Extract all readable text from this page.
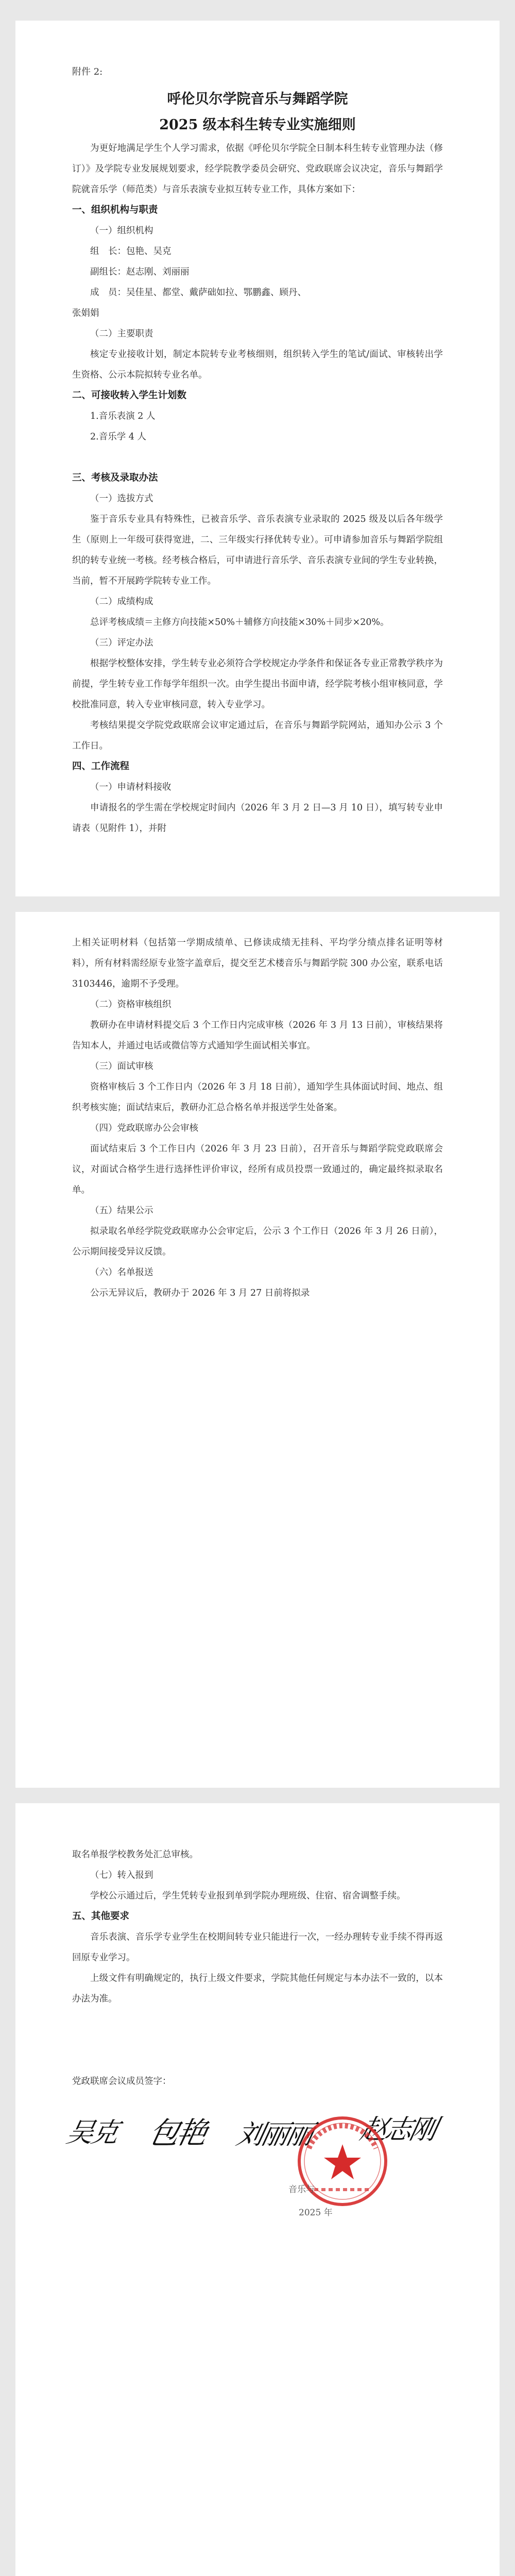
附件 2:
呼伦贝尔学院音乐与舞蹈学院
2025 级本科生转专业实施细则
为更好地满足学生个人学习需求，依据《呼伦贝尔学院全日制本科生转专业管理办法（修订）》及学院专业发展规划要求，经学院教学委员会研究、党政联席会议决定，音乐与舞蹈学院就音乐学（师范类）与音乐表演专业拟互转专业工作，具体方案如下：
一、组织机构与职责
（一）组织机构
组　长：包艳、吴克
副组长：赵志刚、刘丽丽
成　员：吴佳星、都堂、戴萨础如拉、鄂鹏鑫、顾丹、
张娟娟
（二）主要职责
核定专业接收计划，制定本院转专业考核细则，组织转入学生的笔试/面试、审核转出学生资格、公示本院拟转专业名单。
二、可接收转入学生计划数
1.音乐表演 2 人
2.音乐学 4 人
三、考核及录取办法
（一）选拔方式
鉴于音乐专业具有特殊性，已被音乐学、音乐表演专业录取的 2025 级及以后各年级学生（原则上一年级可获得宽进，二、三年级实行择优转专业）。可申请参加音乐与舞蹈学院组织的转专业统一考核。经考核合格后，可申请进行音乐学、音乐表演专业间的学生专业转换，当前，暂不开展跨学院转专业工作。
（二）成绩构成
总评考核成绩＝主修方向技能×50%＋辅修方向技能×30%＋同步×20%。
（三）评定办法
根据学校整体安排，学生转专业必须符合学校规定办学条件和保证各专业正常教学秩序为前提，学生转专业工作每学年组织一次。由学生提出书面申请，经学院考核小组审核同意，学校批准同意，转入专业审核同意，转入专业学习。
考核结果提交学院党政联席会议审定通过后，在音乐与舞蹈学院网站，通知办公示 3 个工作日。
四、工作流程
（一）申请材料接收
申请报名的学生需在学校规定时间内（2026 年 3 月 2 日—3 月 10 日），填写转专业申请表（见附件 1），并附
上相关证明材料（包括第一学期成绩单、已修读成绩无挂科、平均学分绩点排名证明等材料），所有材料需经原专业签字盖章后，提交至艺术楼音乐与舞蹈学院 300 办公室，联系电话 3103446，逾期不予受理。
（二）资格审核组织
教研办在申请材料提交后 3 个工作日内完成审核（2026 年 3 月 13 日前），审核结果将告知本人，并通过电话或微信等方式通知学生面试相关事宜。
（三）面试审核
资格审核后 3 个工作日内（2026 年 3 月 18 日前），通知学生具体面试时间、地点、组织考核实施；面试结束后，教研办汇总合格名单并报送学生处备案。
（四）党政联席办公会审核
面试结束后 3 个工作日内（2026 年 3 月 23 日前），召开音乐与舞蹈学院党政联席会议，对面试合格学生进行选择性评价审议，经所有成员投票一致通过的，确定最终拟录取名单。
（五）结果公示
拟录取名单经学院党政联席办公会审定后，公示 3 个工作日（2026 年 3 月 26 日前），公示期间接受异议反馈。
（六）名单报送
公示无异议后，教研办于 2026 年 3 月 27 日前将拟录
取名单报学校教务处汇总审核。
（七）转入报到
学校公示通过后，学生凭转专业报到单到学院办理班级、住宿、宿舍调整手续。
五、其他要求
音乐表演、音乐学专业学生在校期间转专业只能进行一次，一经办理转专业手续不得再返回原专业学习。
上级文件有明确规定的，执行上级文件要求，学院其他任何规定与本办法不一致的，以本办法为准。
党政联席会议成员签字：
吴克 包艳 刘丽丽 赵志刚
音乐与
2025 年
